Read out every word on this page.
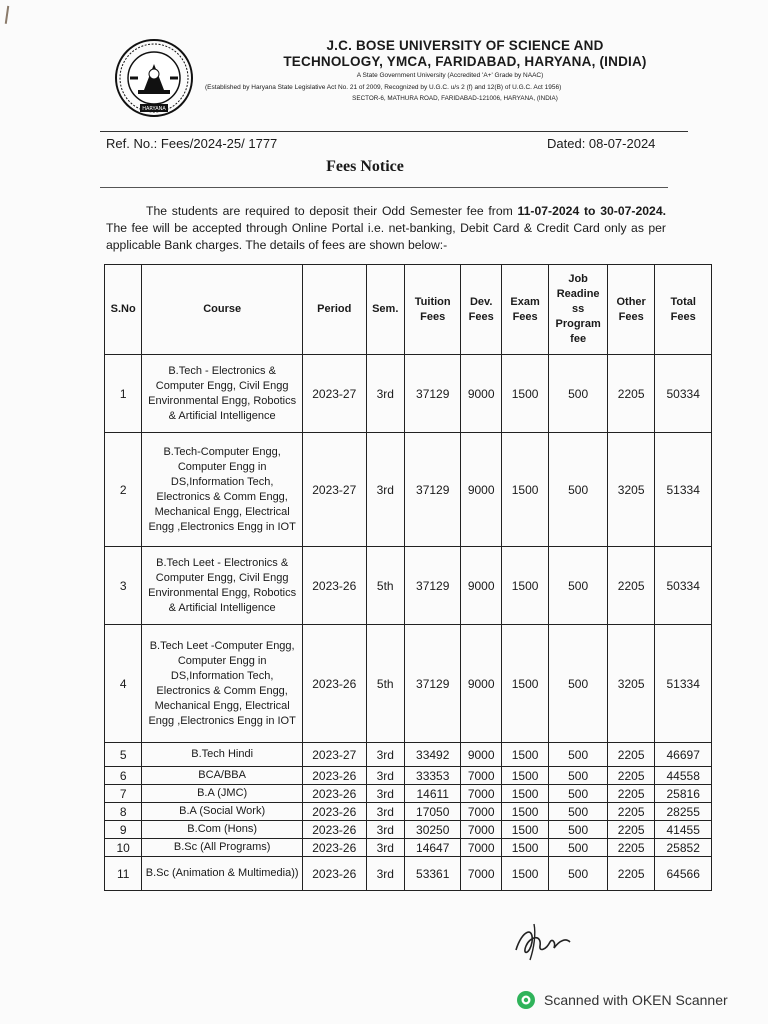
HARYANA
J.C. BOSE UNIVERSITY OF SCIENCE AND
TECHNOLOGY, YMCA, FARIDABAD, HARYANA, (INDIA)
A State Government University (Accredited 'A+' Grade by NAAC)
(Established by Haryana State Legislative Act No. 21 of 2009, Recognized by U.G.C. u/s 2 (f) and 12(B) of U.G.C. Act 1956)
SECTOR-6, MATHURA ROAD, FARIDABAD-121006, HARYANA, (INDIA)
Ref. No.: Fees/2024-25/ 1777	Dated: 08-07-2024
Fees Notice
The students are required to deposit their Odd Semester fee from 11-07-2024 to 30-07-2024. The fee will be accepted through Online Portal i.e. net-banking, Debit Card & Credit Card only as per applicable Bank charges. The details of fees are shown below:-
S.No	Course	Period	Sem.	Tuition Fees	Dev. Fees	Exam Fees	Job Readine ss Program fee	Other Fees	Total Fees
1	B.Tech - Electronics & Computer Engg, Civil Engg Environmental Engg, Robotics & Artificial Intelligence	2023-27	3rd	37129	9000	1500	500	2205	50334
2	B.Tech-Computer Engg, Computer Engg in DS,Information Tech, Electronics & Comm Engg, Mechanical Engg, Electrical Engg ,Electronics Engg in IOT	2023-27	3rd	37129	9000	1500	500	3205	51334
3	B.Tech Leet - Electronics & Computer Engg, Civil Engg Environmental Engg, Robotics & Artificial Intelligence	2023-26	5th	37129	9000	1500	500	2205	50334
4	B.Tech Leet -Computer Engg, Computer Engg in DS,Information Tech, Electronics & Comm Engg, Mechanical Engg, Electrical Engg ,Electronics Engg in IOT	2023-26	5th	37129	9000	1500	500	3205	51334
5	B.Tech Hindi	2023-27	3rd	33492	9000	1500	500	2205	46697
6	BCA/BBA	2023-26	3rd	33353	7000	1500	500	2205	44558
7	B.A (JMC)	2023-26	3rd	14611	7000	1500	500	2205	25816
8	B.A (Social Work)	2023-26	3rd	17050	7000	1500	500	2205	28255
9	B.Com (Hons)	2023-26	3rd	30250	7000	1500	500	2205	41455
10	B.Sc (All Programs)	2023-26	3rd	14647	7000	1500	500	2205	25852
11	B.Sc (Animation & Multimedia))	2023-26	3rd	53361	7000	1500	500	2205	64566
Scanned with OKEN Scanner
